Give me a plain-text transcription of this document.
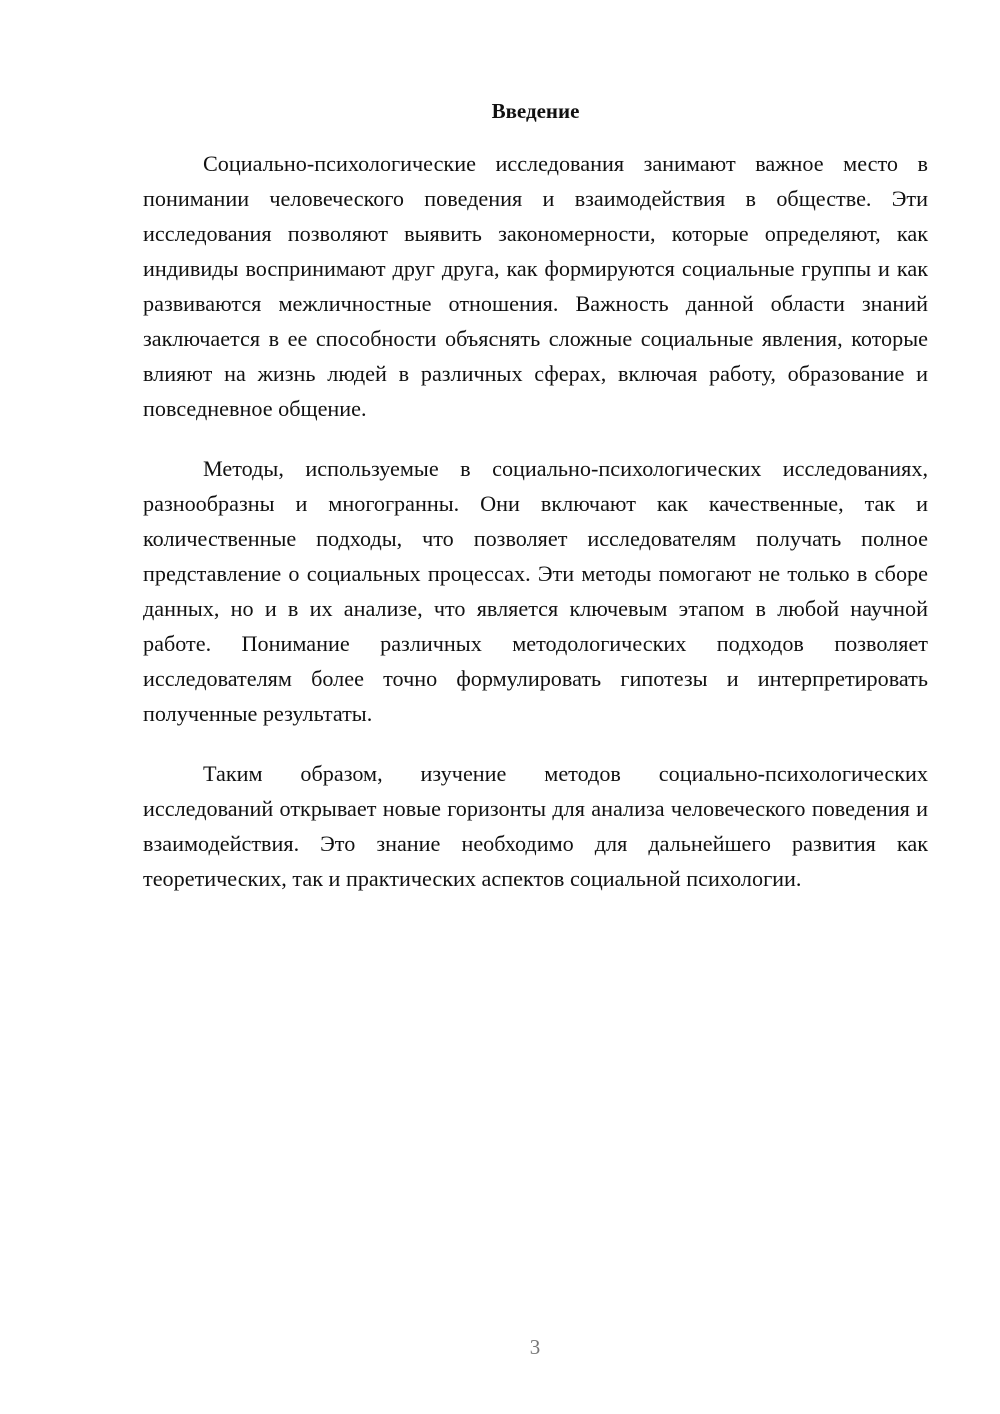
Введение

Социально-психологические исследования занимают важное место в понимании человеческого поведения и взаимодействия в обществе. Эти исследования позволяют выявить закономерности, которые определяют, как индивиды воспринимают друг друга, как формируются социальные группы и как развиваются межличностные отношения. Важность данной области знаний заключается в ее способности объяснять сложные социальные явления, которые влияют на жизнь людей в различных сферах, включая работу, образование и повседневное общение.

Методы, используемые в социально-психологических исследованиях, разнообразны и многогранны. Они включают как качественные, так и количественные подходы, что позволяет исследователям получать полное представление о социальных процессах. Эти методы помогают не только в сборе данных, но и в их анализе, что является ключевым этапом в любой научной работе. Понимание различных методологических подходов позволяет исследователям более точно формулировать гипотезы и интерпретировать полученные результаты.

Таким образом, изучение методов социально-психологических исследований открывает новые горизонты для анализа человеческого поведения и взаимодействия. Это знание необходимо для дальнейшего развития как теоретических, так и практических аспектов социальной психологии.

3
